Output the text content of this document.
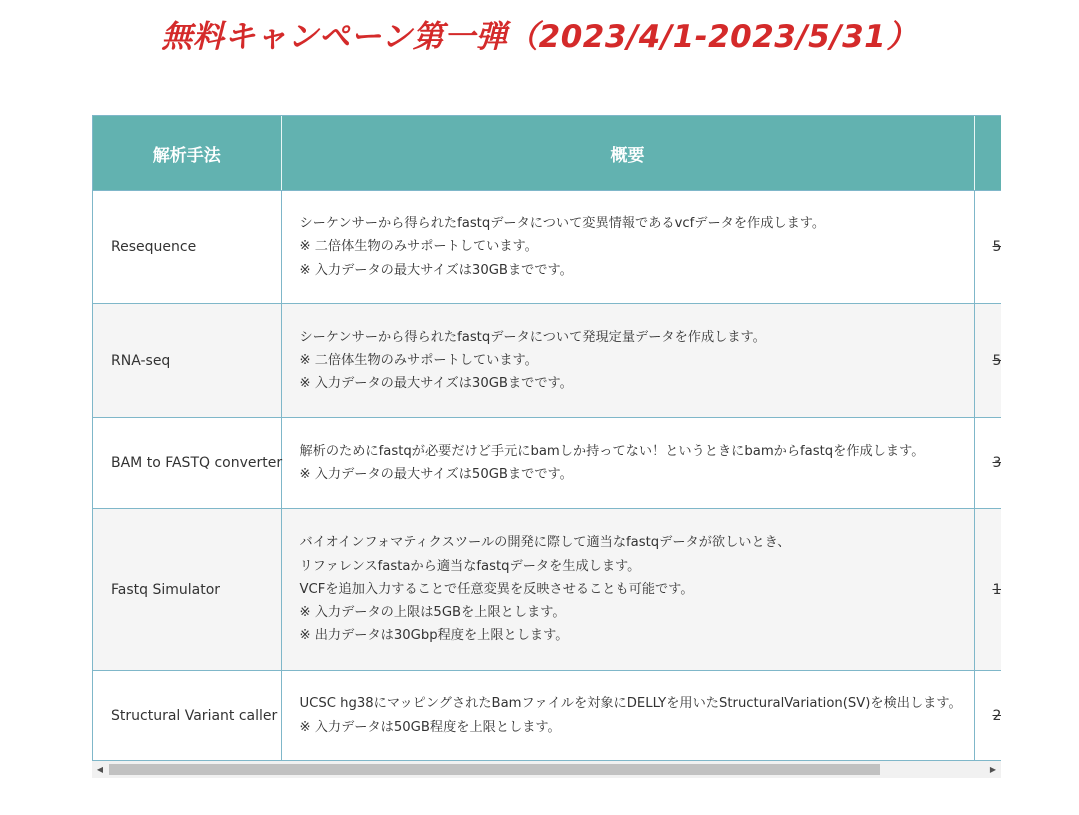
無料キャンペーン第一弾（2023/4/1-2023/5/31）
解析手法	概要	
Resequence	シーケンサーから得られたfastqデータについて変異情報であるvcfデータを作成します。
※ 二倍体生物のみサポートしています。
※ 入力データの最大サイズは30GBまでです。	5
RNA-seq	シーケンサーから得られたfastqデータについて発現定量データを作成します。
※ 二倍体生物のみサポートしています。
※ 入力データの最大サイズは30GBまでです。	5
BAM to FASTQ converter	解析のためにfastqが必要だけど手元にbamしか持ってない！というときにbamからfastqを作成します。
※ 入力データの最大サイズは50GBまでです。	3
Fastq Simulator	バイオインフォマティクスツールの開発に際して適当なfastqデータが欲しいとき、
リファレンスfastaから適当なfastqデータを生成します。
VCFを追加入力することで任意変異を反映させることも可能です。
※ 入力データの上限は5GBを上限とします。
※ 出力データは30Gbp程度を上限とします。	1
Structural Variant caller	UCSC hg38にマッピングされたBamファイルを対象にDELLYを用いたStructuralVariation(SV)を検出します。
※ 入力データは50GB程度を上限とします。	2
◀	▶
